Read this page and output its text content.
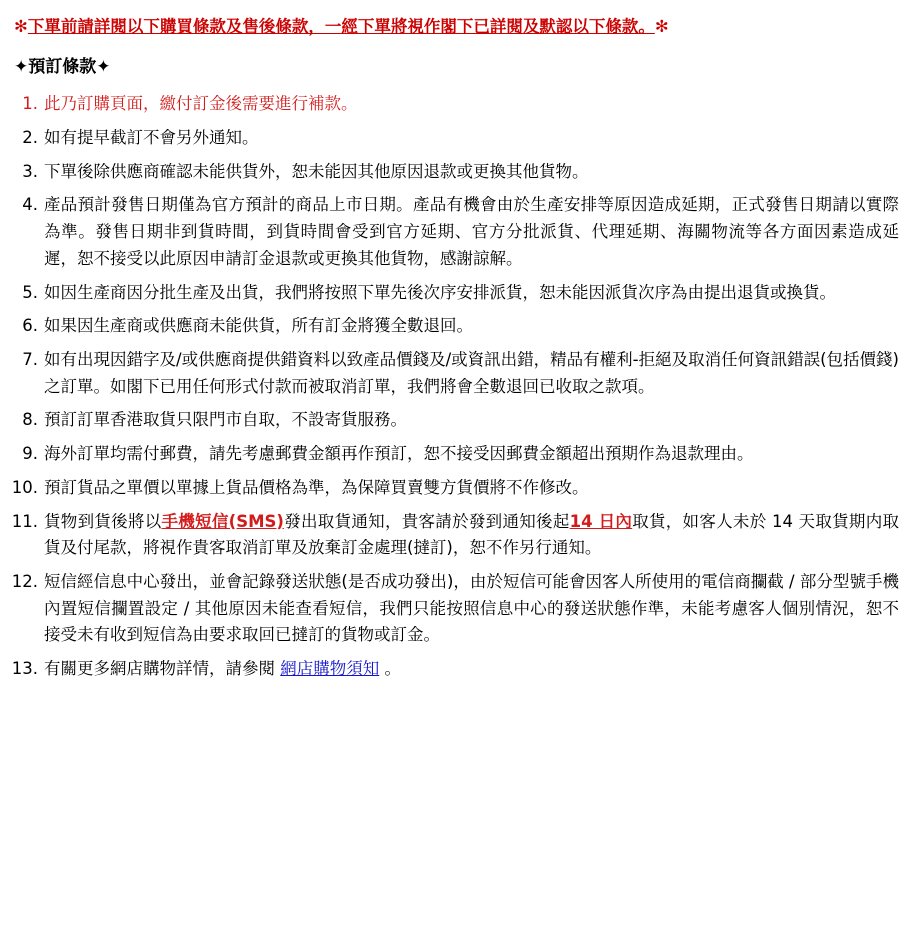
✻下單前請詳閱以下購買條款及售後條款，一經下單將視作閣下已詳閱及默認以下條款。✻
✦預訂條款✦
1. 此乃訂購頁面，繳付訂金後需要進行補款。
2. 如有提早截訂不會另外通知。
3. 下單後除供應商確認未能供貨外，恕未能因其他原因退款或更換其他貨物。
4. 產品預計發售日期僅為官方預計的商品上市日期。產品有機會由於生產安排等原因造成延期，正式發售日期請以實際為準。發售日期非到貨時間，到貨時間會受到官方延期、官方分批派貨、代理延期、海關物流等各方面因素造成延遲，恕不接受以此原因申請訂金退款或更換其他貨物，感謝諒解。
5. 如因生產商因分批生產及出貨，我們將按照下單先後次序安排派貨，恕未能因派貨次序為由提出退貨或換貨。
6. 如果因生產商或供應商未能供貨，所有訂金將獲全數退回。
7. 如有出現因錯字及/或供應商提供錯資料以致產品價錢及/或資訊出錯，精品有權利-拒絕及取消任何資訊錯誤(包括價錢) 之訂單。如閣下已用任何形式付款而被取消訂單，我們將會全數退回已收取之款項。
8. 預訂訂單香港取貨只限門市自取，不設寄貨服務。
9. 海外訂單均需付郵費，請先考慮郵費金額再作預訂，恕不接受因郵費金額超出預期作為退款理由。
10. 預訂貨品之單價以單據上貨品價格為準，為保障買賣雙方貨價將不作修改。
11. 貨物到貨後將以手機短信(SMS)發出取貨通知，貴客請於發到通知後起14 日內取貨，如客人未於 14 天取貨期内取貨及付尾款，將視作貴客取消訂單及放棄訂金處理(撻訂)，恕不作另行通知。
12. 短信經信息中心發出，並會記錄發送狀態(是否成功發出)，由於短信可能會因客人所使用的電信商攔截 / 部分型號手機內置短信攔置設定 / 其他原因未能查看短信，我們只能按照信息中心的發送狀態作準，未能考慮客人個別情況，恕不接受未有收到短信為由要求取回已撻訂的貨物或訂金。
13. 有關更多網店購物詳情，請參閱 網店購物須知 。
